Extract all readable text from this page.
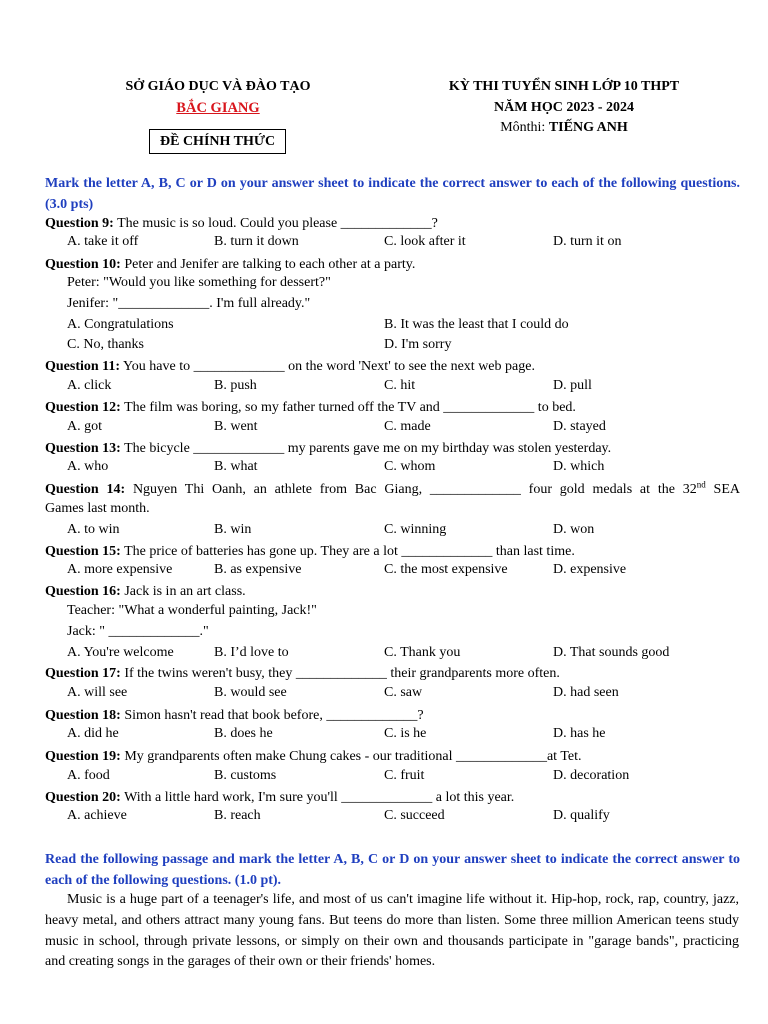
SỞ GIÁO DỤC VÀ ĐÀO TẠO
BẮC GIANG
ĐỀ CHÍNH THỨC
KỲ THI TUYỂN SINH LỚP 10 THPT
NĂM HỌC 2023 - 2024
Mônthi: TIẾNG ANH
Mark the letter A, B, C or D on your answer sheet to indicate the correct answer to each of the following questions. (3.0 pts)
Question 9: The music is so loud. Could you please _____________?
A. take it off	B. turn it down	C. look after it	D. turn it on
Question 10: Peter and Jenifer are talking to each other at a party.
Peter: "Would you like something for dessert?"
Jenifer: "_____________. I'm full already."
A. Congratulations	B. It was the least that I could do
C. No, thanks	D. I'm sorry
Question 11: You have to _____________ on the word 'Next' to see the next web page.
A. click	B. push	C. hit	D. pull
Question 12: The film was boring, so my father turned off the TV and _____________ to bed.
A. got	B. went	C. made	D. stayed
Question 13: The bicycle _____________ my parents gave me on my birthday was stolen yesterday.
A. who	B. what	C. whom	D. which
Question 14: Nguyen Thi Oanh, an athlete from Bac Giang, _____________ four gold medals at the 32nd SEA
Games last month.
A. to win	B. win	C. winning	D. won
Question 15: The price of batteries has gone up. They are a lot _____________ than last time.
A. more expensive	B. as expensive	C. the most expensive	D. expensive
Question 16: Jack is in an art class.
Teacher: "What a wonderful painting, Jack!"
Jack: " _____________."
A. You're welcome	B. I’d love to	C. Thank you	D. That sounds good
Question 17: If the twins weren't busy, they _____________ their grandparents more often.
A. will see	B. would see	C. saw	D. had seen
Question 18: Simon hasn't read that book before, _____________?
A. did he	B. does he	C. is he	D. has he
Question 19: My grandparents often make Chung cakes - our traditional _____________at Tet.
A. food	B. customs	C. fruit	D. decoration
Question 20: With a little hard work, I'm sure you'll _____________ a lot this year.
A. achieve	B. reach	C. succeed	D. qualify
Read the following passage and mark the letter A, B, C or D on your answer sheet to indicate the correct answer to each of the following questions. (1.0 pt).
Music is a huge part of a teenager's life, and most of us can't imagine life without it. Hip-hop, rock, rap, country, jazz, heavy metal, and others attract many young fans. But teens do more than listen. Some three million American teens study music in school, through private lessons, or simply on their own and thousands participate in "garage bands", practicing and creating songs in the garages of their own or their friends' homes.
